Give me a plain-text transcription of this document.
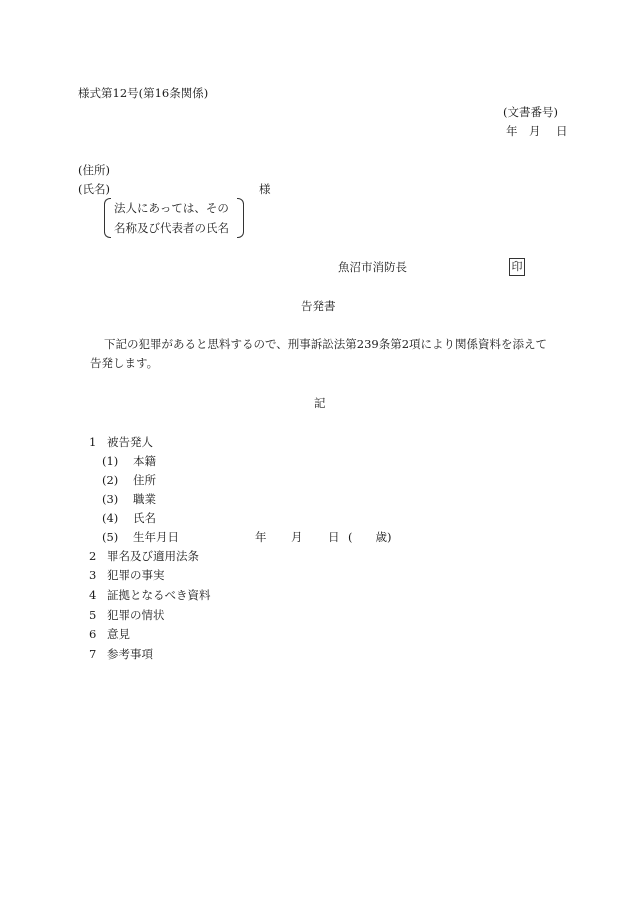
様式第12号(第16条関係)
(文書番号)
年 月 日
(住所)
(氏名)	様
法人にあっては、その
名称及び代表者の氏名
魚沼市消防長	印
告発書
下記の犯罪があると思料するので、刑事訴訟法第239条第2項により関係資料を添えて
告発します。
記
1 被告発人
(1) 本籍
(2) 住所
(3) 職業
(4) 氏名
(5) 生年月日	年 月 日 (　　歳)
2 罪名及び適用法条
3 犯罪の事実
4 証拠となるべき資料
5 犯罪の情状
6 意見
7 参考事項
